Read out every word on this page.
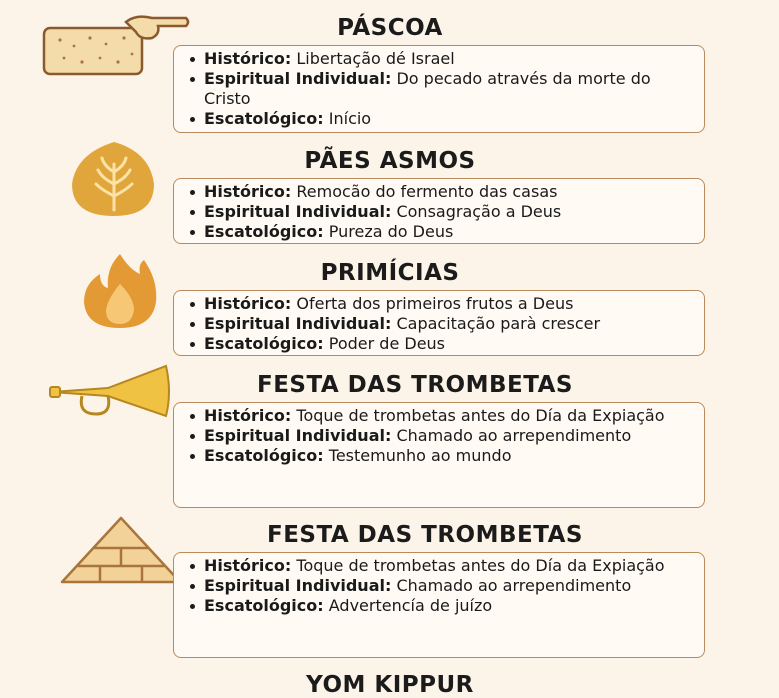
PÁSCOA
Histórico: Libertação dé Israel
Espiritual Individual: Do pecado através da morte do Cristo
Escatológico: Início
PÃES ASMOS
Histórico: Remocão do fermento das casas
Espiritual Individual: Consagração a Deus
Escatológico: Pureza do Deus
PRIMÍCIAS
Histórico: Oferta dos primeiros frutos a Deus
Espiritual Individual: Capacitação parà crescer
Escatológico: Poder de Deus
FESTA DAS TROMBETAS
Histórico: Toque de trombetas antes do Día da Expiação
Espiritual Individual: Chamado ao arrependimento
Escatológico: Testemunho ao mundo
FESTA DAS TROMBETAS
Histórico: Toque de trombetas antes do Día da Expiação
Espiritual Individual: Chamado ao arrependimento
Escatológico: Advertencía de juízo
YOM KIPPUR
